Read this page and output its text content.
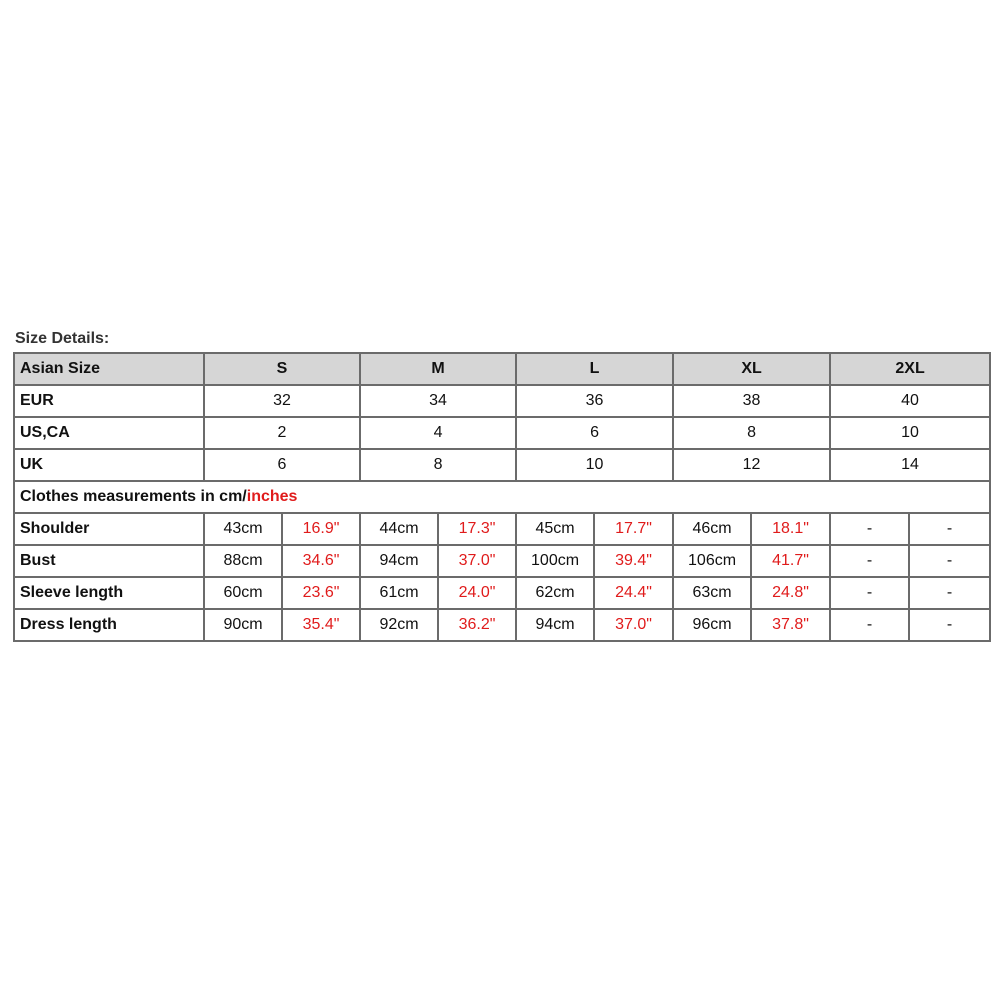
Size Details:
Asian Size	S		M		L		XL		2XL	
EUR	32		34		36		38		40	
US,CA	2		4		6		8		10	
UK	6		8		10		12		14	
Clothes measurements in cm/inches										
Shoulder	43cm	16.9"	44cm	17.3"	45cm	17.7"	46cm	18.1"	-	-
Bust	88cm	34.6"	94cm	37.0"	100cm	39.4"	106cm	41.7"	-	-
Sleeve length	60cm	23.6"	61cm	24.0"	62cm	24.4"	63cm	24.8"	-	-
Dress length	90cm	35.4"	92cm	36.2"	94cm	37.0"	96cm	37.8"	-	-
